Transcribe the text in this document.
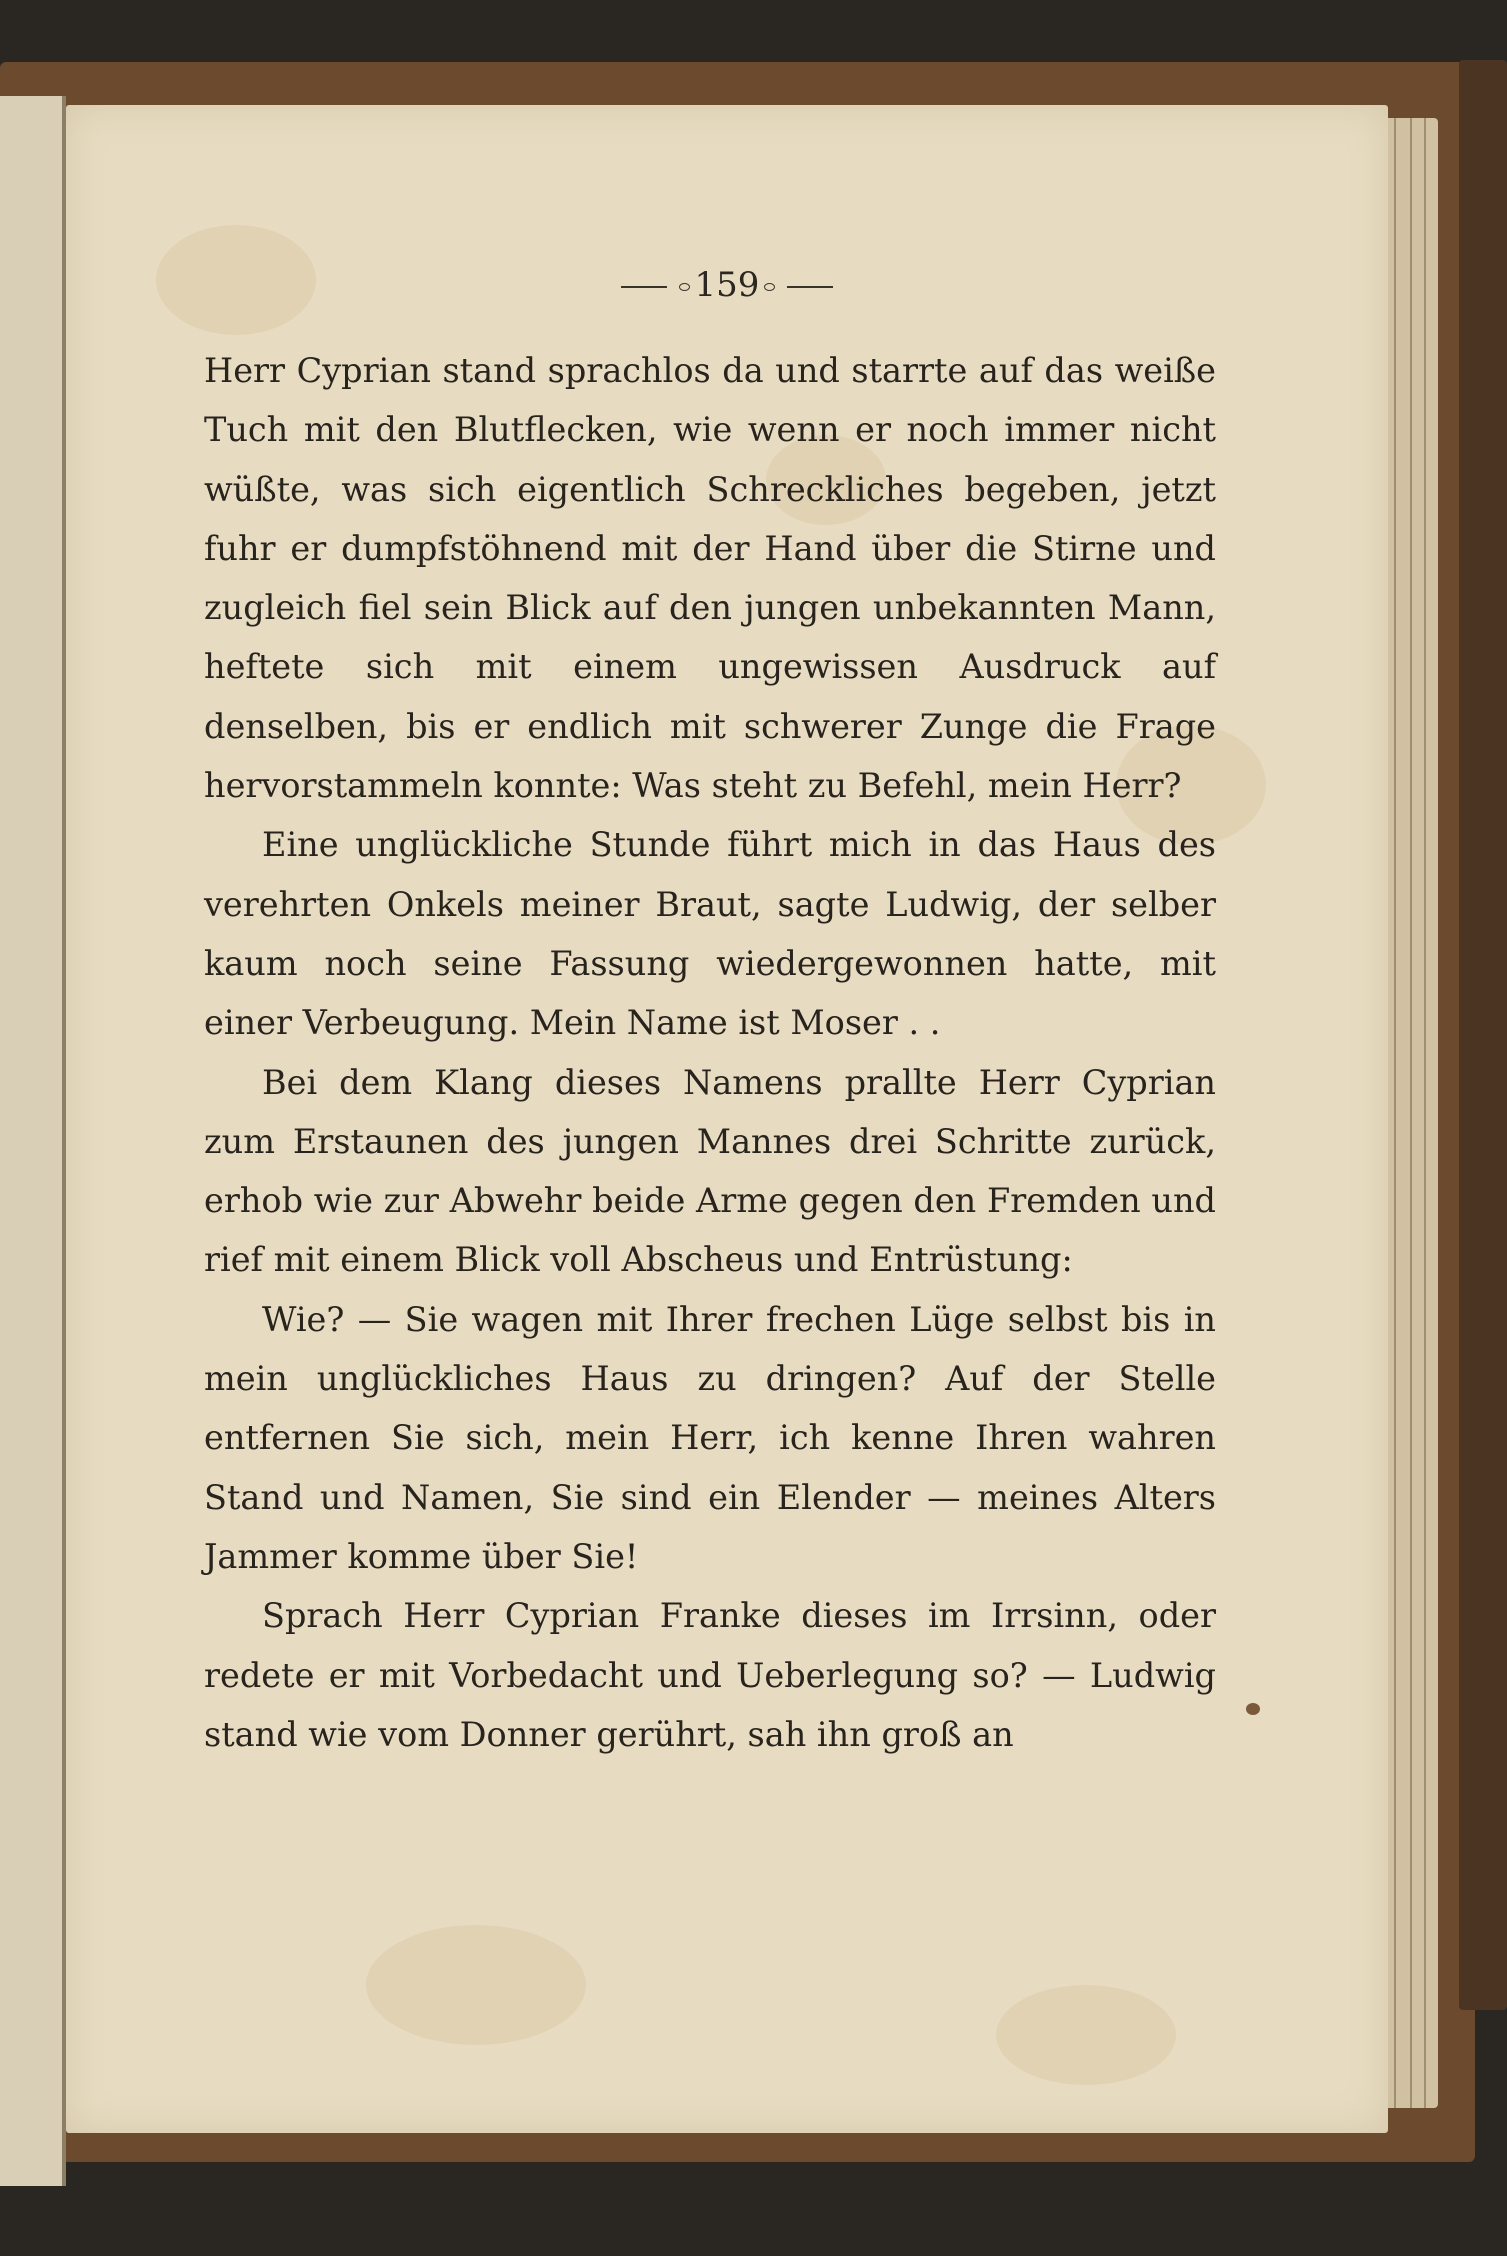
159

Herr Cyprian stand sprachlos da und starrte auf das weiße Tuch mit den Blutflecken, wie wenn er noch immer nicht wüßte, was sich eigentlich Schreckliches begeben, jetzt fuhr er dumpfstöhnend mit der Hand über die Stirne und zugleich fiel sein Blick auf den jungen unbekannten Mann, heftete sich mit einem ungewissen Ausdruck auf denselben, bis er endlich mit schwerer Zunge die Frage hervorstammeln konnte: Was steht zu Befehl, mein Herr?

Eine unglückliche Stunde führt mich in das Haus des verehrten Onkels meiner Braut, sagte Ludwig, der selber kaum noch seine Fassung wiedergewonnen hatte, mit einer Verbeugung. Mein Name ist Moser . .

Bei dem Klang dieses Namens prallte Herr Cyprian zum Erstaunen des jungen Mannes drei Schritte zurück, erhob wie zur Abwehr beide Arme gegen den Fremden und rief mit einem Blick voll Abscheus und Entrüstung:

Wie? — Sie wagen mit Ihrer frechen Lüge selbst bis in mein unglückliches Haus zu dringen? Auf der Stelle entfernen Sie sich, mein Herr, ich kenne Ihren wahren Stand und Namen, Sie sind ein Elender — meines Alters Jammer komme über Sie!

Sprach Herr Cyprian Franke dieses im Irrsinn, oder redete er mit Vorbedacht und Ueberlegung so? — Ludwig stand wie vom Donner gerührt, sah ihn groß an
